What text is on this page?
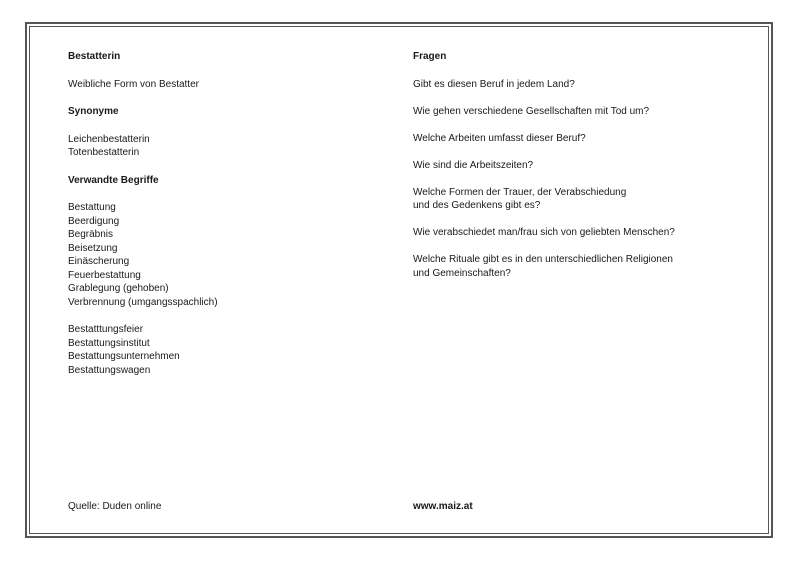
Bestatterin

Weibliche Form von Bestatter

Synonyme

Leichenbestatterin
Totenbestatterin

Verwandte Begriffe

Bestattung
Beerdigung
Begräbnis
Beisetzung
Einäscherung
Feuerbestattung
Grablegung (gehoben)
Verbrennung (umgangsspachlich)
Bestatttungsfeier
Bestattungsinstitut
Bestattungsunternehmen
Bestattungswagen

Fragen

Gibt es diesen Beruf in jedem Land?
Wie gehen verschiedene Gesellschaften mit Tod um?
Welche Arbeiten umfasst dieser Beruf?
Wie sind die Arbeitszeiten?
Welche Formen der Trauer, der Verabschiedung
und des Gedenkens gibt es?
Wie verabschiedet man/frau sich von geliebten Menschen?
Welche Rituale gibt es in den unterschiedlichen Religionen
und Gemeinschaften?
Quelle: Duden online	www.maiz.at
